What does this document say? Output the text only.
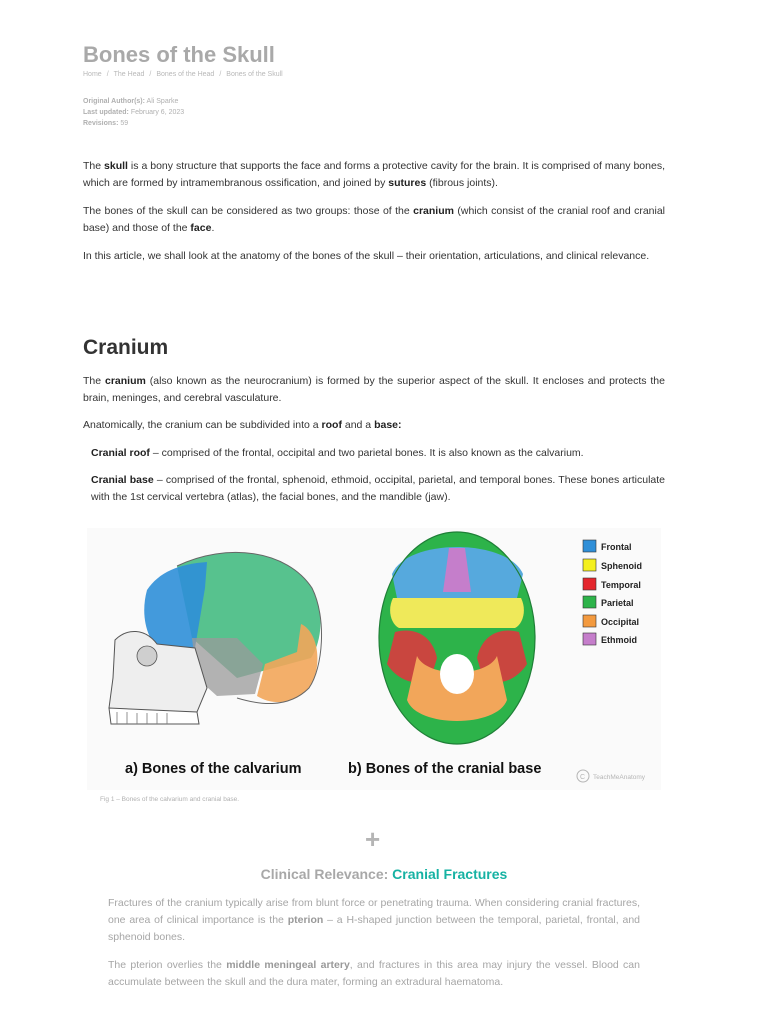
Bones of the Skull
Home / The Head / Bones of the Head / Bones of the Skull
Original Author(s): Ali Sparke
Last updated: February 6, 2023
Revisions: 59

The skull is a bony structure that supports the face and forms a protective cavity for the brain. It is comprised of many bones, which are formed by intramembranous ossification, and joined by sutures (fibrous joints).

The bones of the skull can be considered as two groups: those of the cranium (which consist of the cranial roof and cranial base) and those of the face.

In this article, we shall look at the anatomy of the bones of the skull – their orientation, articulations, and clinical relevance.

Cranium

The cranium (also known as the neurocranium) is formed by the superior aspect of the skull. It encloses and protects the brain, meninges, and cerebral vasculature.

Anatomically, the cranium can be subdivided into a roof and a base:

Cranial roof – comprised of the frontal, occipital and two parietal bones. It is also known as the calvarium.

Cranial base – comprised of the frontal, sphenoid, ethmoid, occipital, parietal, and temporal bones. These bones articulate with the 1st cervical vertebra (atlas), the facial bones, and the mandible (jaw).

Frontal
Sphenoid
Temporal
Parietal
Occipital
Ethmoid
a) Bones of the calvarium	b) Bones of the cranial base
C TeachMeAnatomy
Fig 1 – Bones of the calvarium and cranial base.
+
Clinical Relevance: Cranial Fractures

Fractures of the cranium typically arise from blunt force or penetrating trauma. When considering cranial fractures, one area of clinical importance is the pterion – a H-shaped junction between the temporal, parietal, frontal, and sphenoid bones.

The pterion overlies the middle meningeal artery, and fractures in this area may injury the vessel. Blood can accumulate between the skull and the dura mater, forming an extradural haematoma.
